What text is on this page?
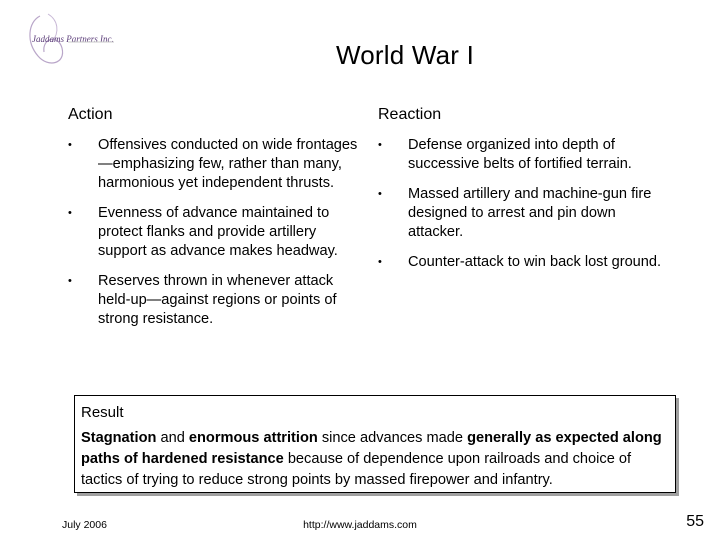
Jaddams Partners Inc.
World War I
Action
• Offensives conducted on wide frontages—emphasizing few, rather than many, harmonious yet independent thrusts.
• Evenness of advance maintained to protect flanks and provide artillery support as advance makes headway.
• Reserves thrown in whenever attack held-up—against regions or points of strong resistance.
Reaction
• Defense organized into depth of successive belts of fortified terrain.
• Massed artillery and machine-gun fire designed to arrest and pin down attacker.
• Counter-attack to win back lost ground.
Result
Stagnation and enormous attrition since advances made generally as expected along paths of hardened resistance because of dependence upon railroads and choice of tactics of trying to reduce strong points by massed firepower and infantry.
July 2006	http://www.jaddams.com	55
